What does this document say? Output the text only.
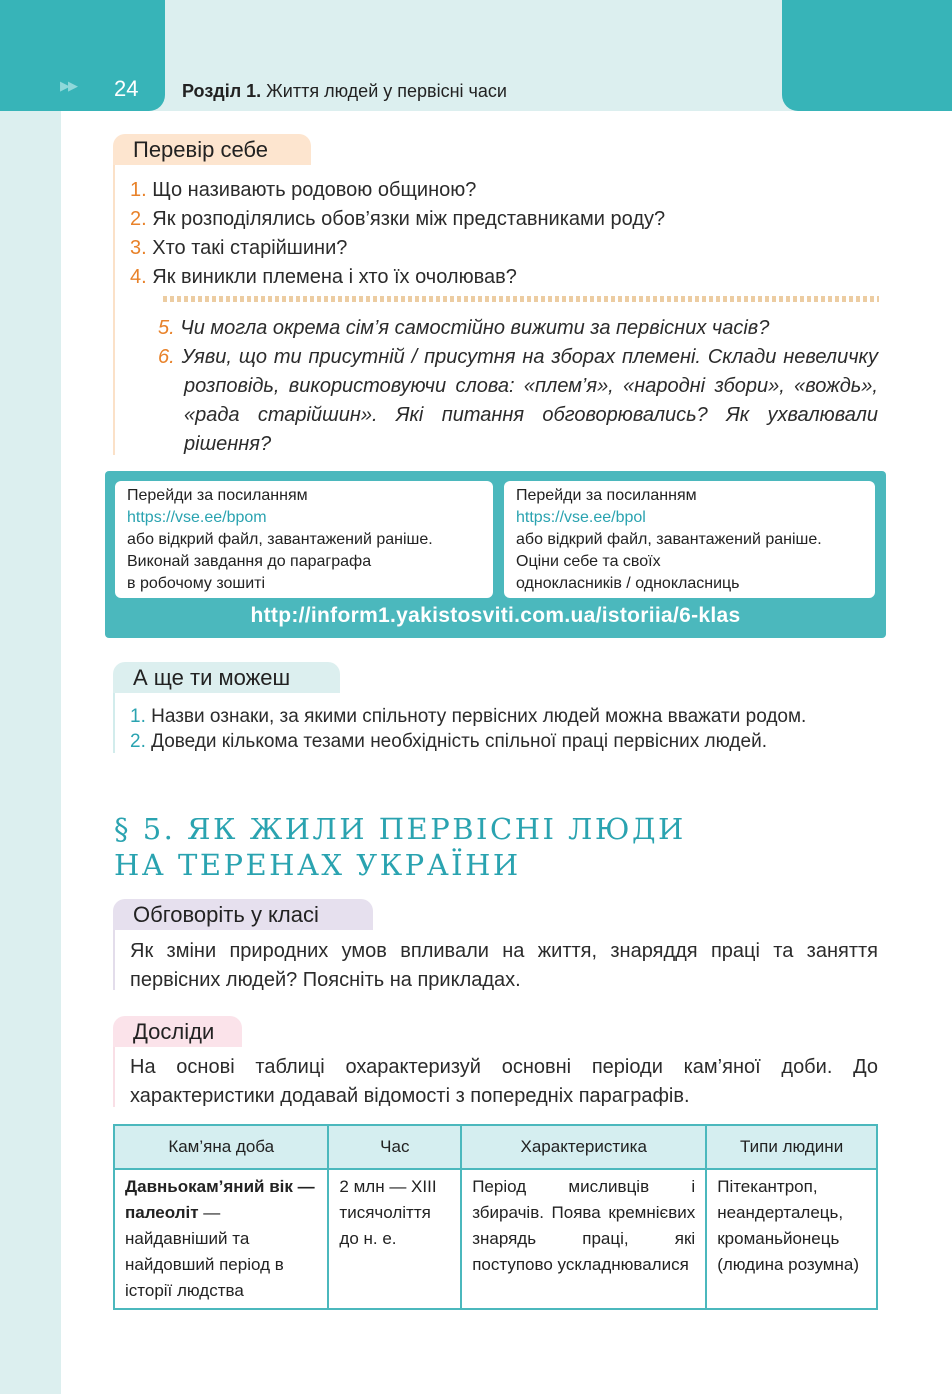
▶▶ 24 Розділ 1. Життя людей у первісні часи
Перевір себе
1. Що називають родовою общиною?
2. Як розподілялись обов’язки між представниками роду?
3. Хто такі старійшини?
4. Як виникли племена і хто їх очолював?
5. Чи могла окрема сім’я самостійно вижити за первісних часів?
6. Уяви, що ти присутній / присутня на зборах племені. Склади невеличку розповідь, використовуючи слова: «плем’я», «народні збори», «вождь», «рада старійшин». Які питання обговорювались? Як ухвалювали рішення?
Перейди за посиланням
https://vse.ee/bpom
або відкрий файл, завантажений раніше.
Виконай завдання до параграфа
в робочому зошиті
Перейди за посиланням
https://vse.ee/bpol
або відкрий файл, завантажений раніше.
Оціни себе та своїх
однокласників / однокласниць
http://inform1.yakistosviti.com.ua/istoriia/6-klas
А ще ти можеш
1. Назви ознаки, за якими спільноту первісних людей можна вважати родом.
2. Доведи кількома тезами необхідність спільної праці первісних людей.
§ 5. ЯК ЖИЛИ ПЕРВІСНІ ЛЮДИ
НА ТЕРЕНАХ УКРАЇНИ
Обговоріть у класі
Як зміни природних умов впливали на життя, знаряддя праці та заняття первісних людей? Поясніть на прикладах.
Досліди
На основі таблиці охарактеризуй основні періоди кам’яної доби. До характеристики додавай відомості з попередніх параграфів.
Кам’яна доба	Час	Характеристика	Типи людини
Давньокам’яний вік — палеоліт — найдавніший та найдовший період в історії людства	2 млн — XIII тисячоліття до н. е.	Період мисливців і збирачів. Поява кремнієвих знарядь праці, які поступово ускладнювалися	Пітекантроп, неандерталець, кроманьйонець (людина розумна)
